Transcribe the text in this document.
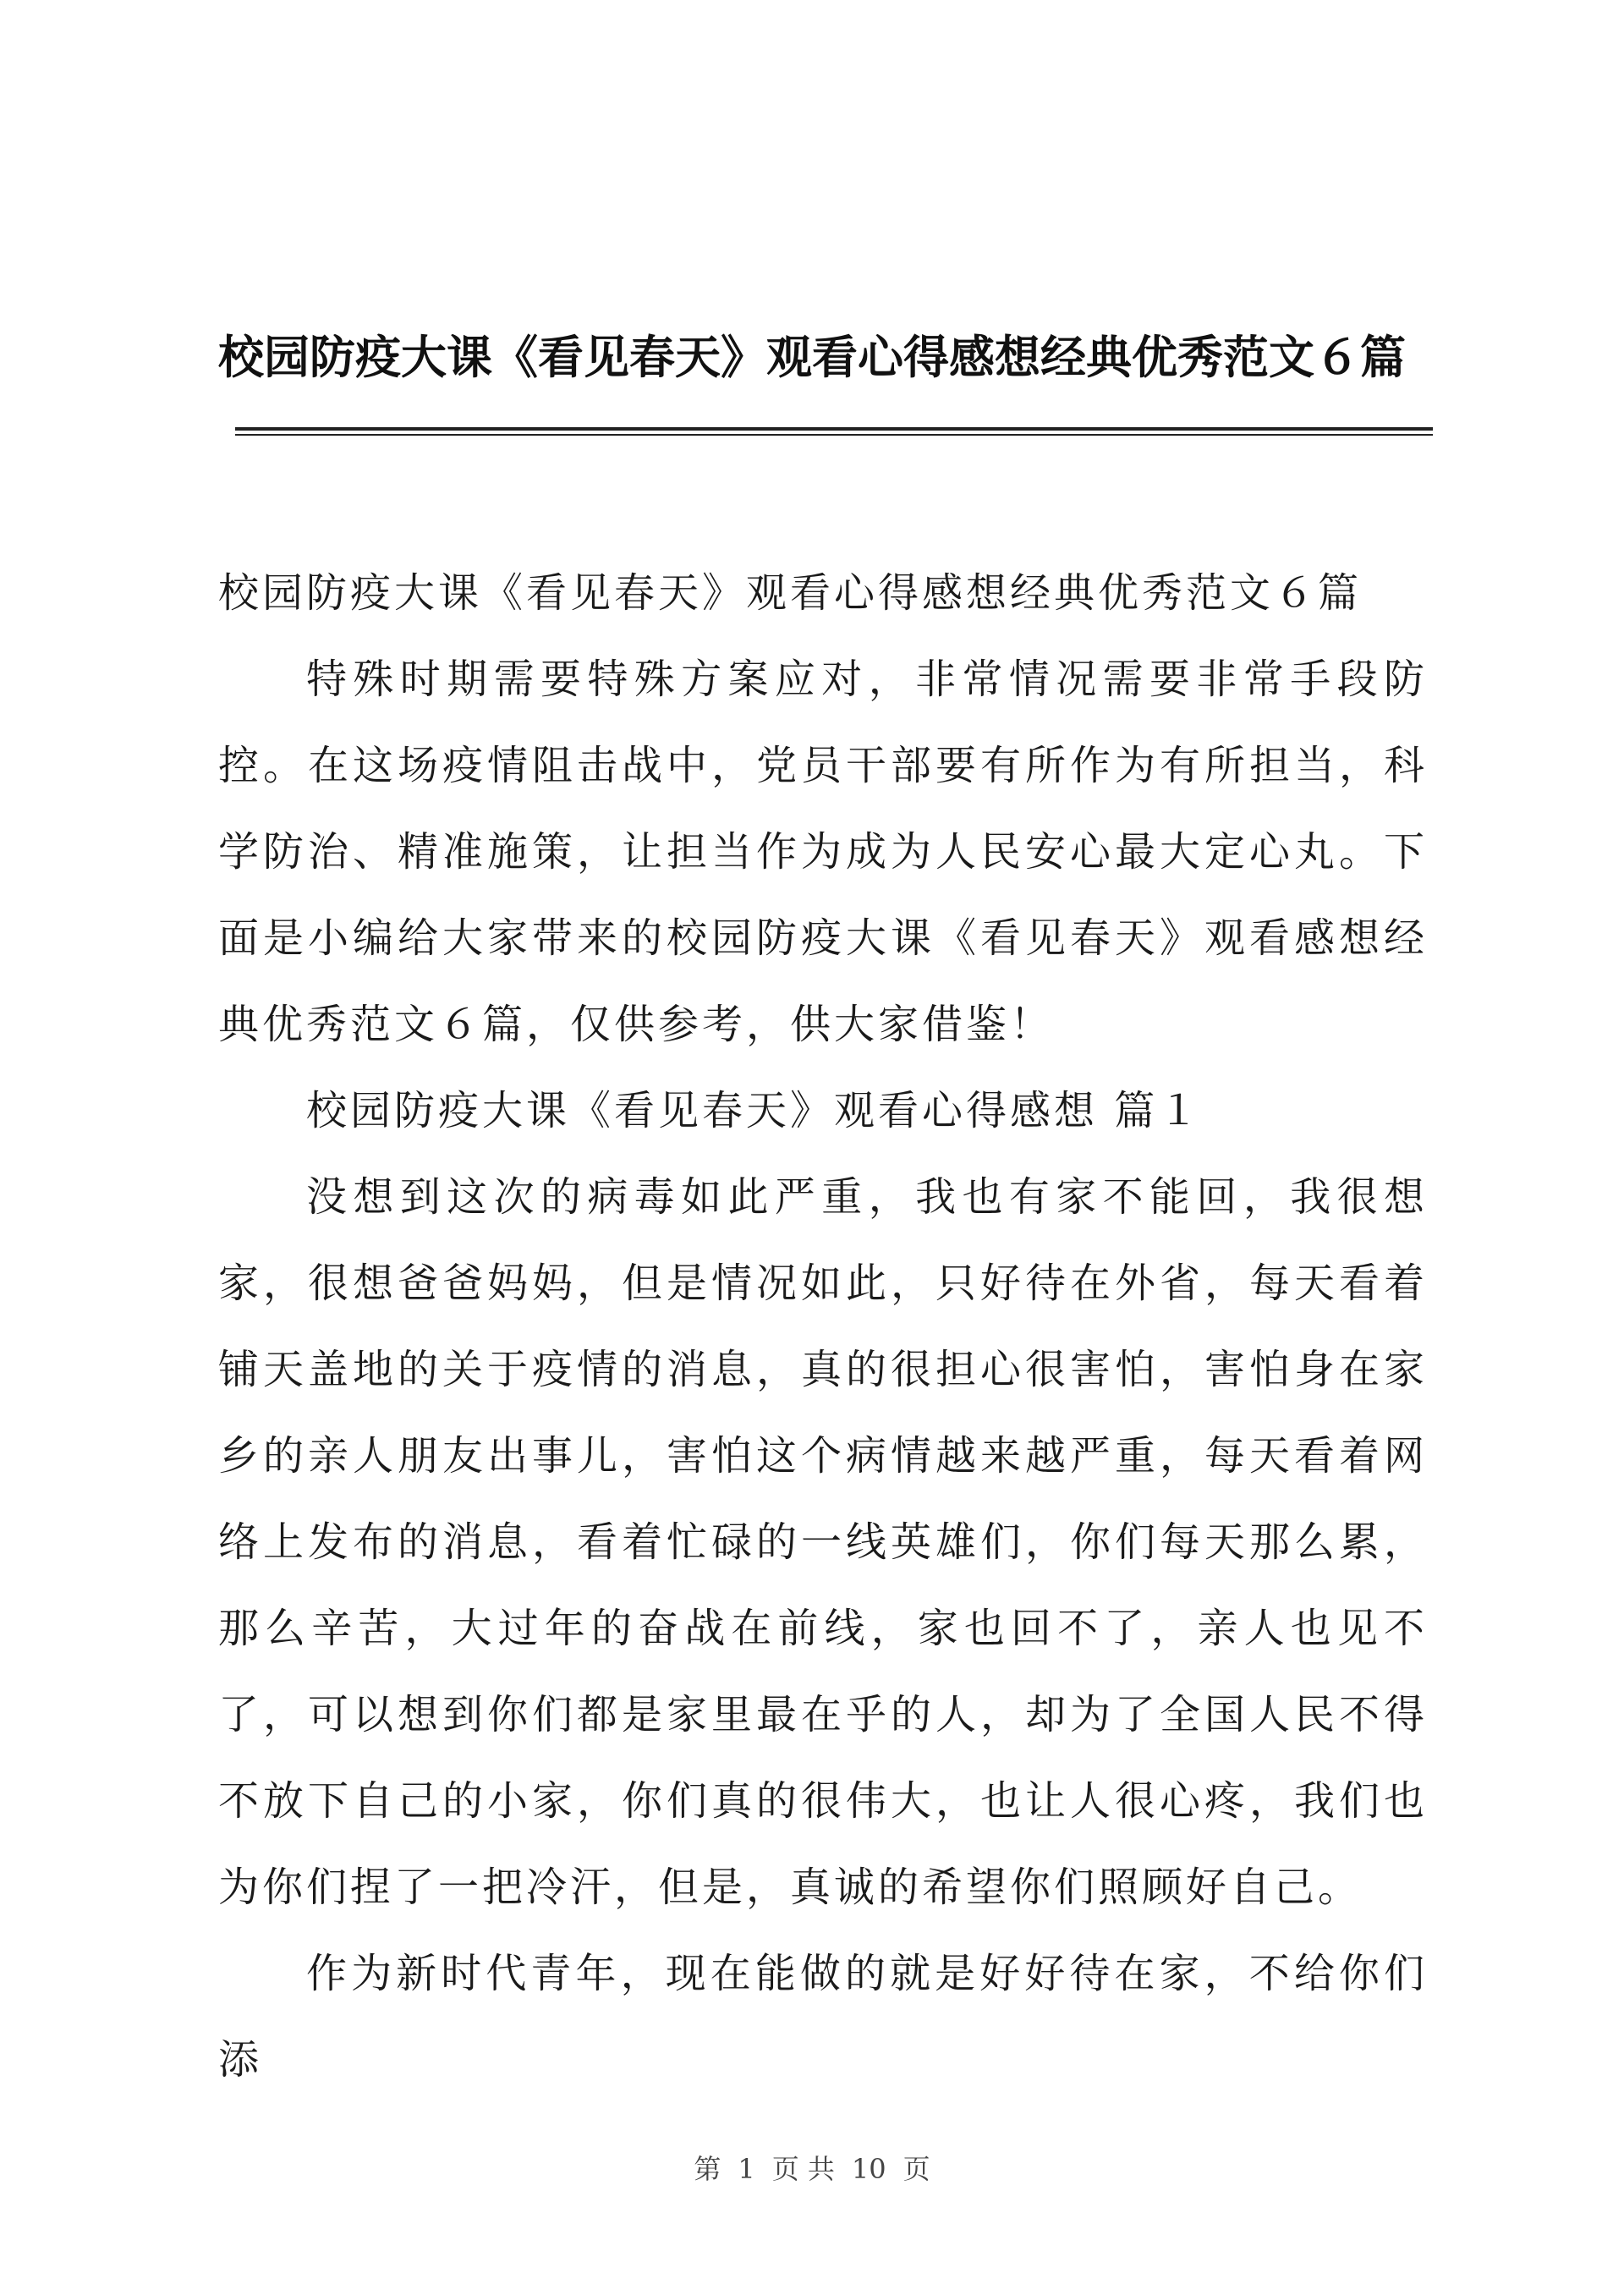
校园防疫大课《看见春天》观看心得感想经典优秀范文６篇

校园防疫大课《看见春天》观看心得感想经典优秀范文６篇

特殊时期需要特殊方案应对，非常情况需要非常手段防控。在这场疫情阻击战中，党员干部要有所作为有所担当，科学防治、精准施策，让担当作为成为人民安心最大定心丸。下面是小编给大家带来的校园防疫大课《看见春天》观看感想经典优秀范文６篇，仅供参考，供大家借鉴！

校园防疫大课《看见春天》观看心得感想 篇１

没想到这次的病毒如此严重，我也有家不能回，我很想家，很想爸爸妈妈，但是情况如此，只好待在外省，每天看着铺天盖地的关于疫情的消息，真的很担心很害怕，害怕身在家乡的亲人朋友出事儿，害怕这个病情越来越严重，每天看着网络上发布的消息，看着忙碌的一线英雄们，你们每天那么累，那么辛苦，大过年的奋战在前线，家也回不了，亲人也见不了，可以想到你们都是家里最在乎的人，却为了全国人民不得不放下自己的小家，你们真的很伟大，也让人很心疼，我们也为你们捏了一把冷汗，但是，真诚的希望你们照顾好自己。

作为新时代青年，现在能做的就是好好待在家，不给你们添

第 1 页 共 10 页
